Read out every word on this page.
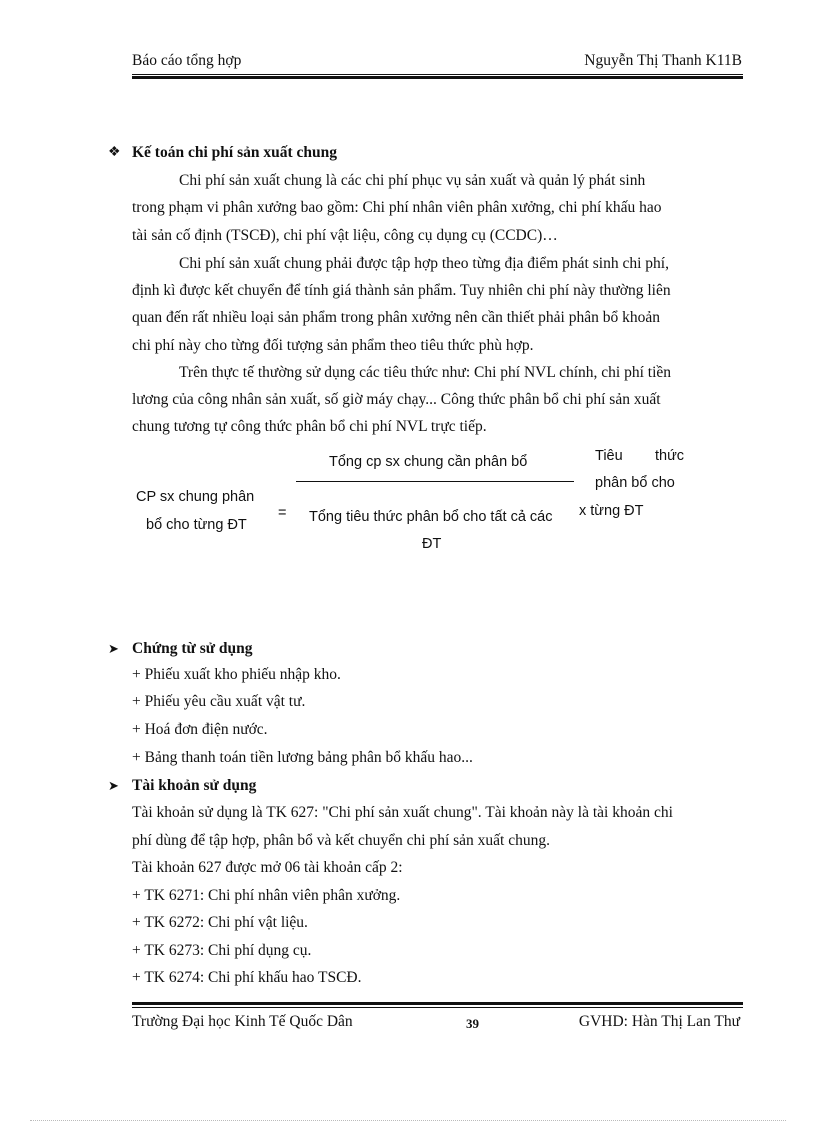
Báo cáo tổng hợp	Nguyễn Thị Thanh K11B
❖ Kế toán chi phí sản xuất chung
Chi phí sản xuất chung là các chi phí phục vụ sản xuất và quản lý phát sinh
trong phạm vi phân xưởng bao gồm: Chi phí nhân viên phân xưởng, chi phí khấu hao
tài sản cố định (TSCĐ), chi phí vật liệu, công cụ dụng cụ (CCDC)…
Chi phí sản xuất chung phải được tập hợp theo từng địa điểm phát sinh chi phí,
định kì được kết chuyển để tính giá thành sản phẩm. Tuy nhiên chi phí này thường liên
quan đến rất nhiều loại sản phẩm trong phân xưởng nên cần thiết phải phân bổ khoản
chi phí này cho từng đối tượng sản phẩm theo tiêu thức phù hợp.
Trên thực tế thường sử dụng các tiêu thức như: Chi phí NVL chính, chi phí tiền
lương của công nhân sản xuất, số giờ máy chạy... Công thức phân bổ chi phí sản xuất
chung tương tự công thức phân bổ chi phí NVL trực tiếp.
Tổng cp sx chung cần phân bổ
CP sx chung phân
bổ cho từng ĐT
= Tổng tiêu thức phân bổ cho tất cả các
ĐT
Tiêu thức
phân bổ cho
x từng ĐT
➤ Chứng từ sử dụng
+ Phiếu xuất kho phiếu nhập kho.
+ Phiếu yêu cầu xuất vật tư.
+ Hoá đơn điện nước.
+ Bảng thanh toán tiền lương bảng phân bổ khấu hao...
➤ Tài khoản sử dụng
Tài khoản sử dụng là TK 627: "Chi phí sản xuất chung". Tài khoản này là tài khoản chi
phí dùng để tập hợp, phân bổ và kết chuyển chi phí sản xuất chung.
Tài khoản 627 được mở 06 tài khoản cấp 2:
+ TK 6271: Chi phí nhân viên phân xưởng.
+ TK 6272: Chi phí vật liệu.
+ TK 6273: Chi phí dụng cụ.
+ TK 6274: Chi phí khấu hao TSCĐ.
Trường Đại học Kinh Tế Quốc Dân	39	GVHD: Hàn Thị Lan Thư
